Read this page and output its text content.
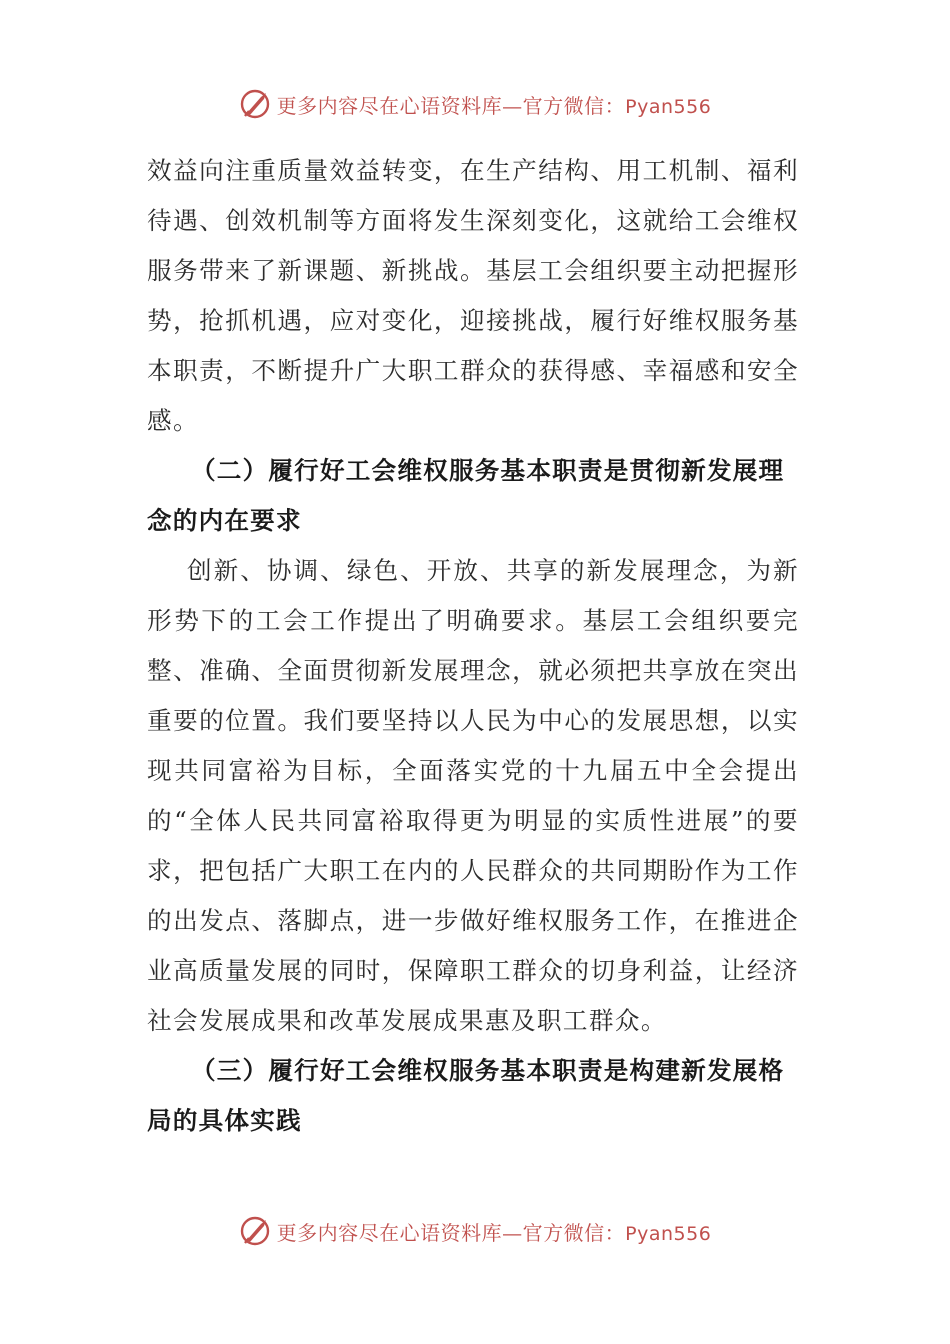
更多内容尽在心语资料库—官方微信：Pyan556

效益向注重质量效益转变，在生产结构、用工机制、福利待遇、创效机制等方面将发生深刻变化，这就给工会维权服务带来了新课题、新挑战。基层工会组织要主动把握形势，抢抓机遇，应对变化，迎接挑战，履行好维权服务基本职责，不断提升广大职工群众的获得感、幸福感和安全感。

（二）履行好工会维权服务基本职责是贯彻新发展理念的内在要求

创新、协调、绿色、开放、共享的新发展理念，为新形势下的工会工作提出了明确要求。基层工会组织要完整、准确、全面贯彻新发展理念，就必须把共享放在突出重要的位置。我们要坚持以人民为中心的发展思想，以实现共同富裕为目标，全面落实党的十九届五中全会提出的“全体人民共同富裕取得更为明显的实质性进展”的要求，把包括广大职工在内的人民群众的共同期盼作为工作的出发点、落脚点，进一步做好维权服务工作，在推进企业高质量发展的同时，保障职工群众的切身利益，让经济社会发展成果和改革发展成果惠及职工群众。

（三）履行好工会维权服务基本职责是构建新发展格局的具体实践

更多内容尽在心语资料库—官方微信：Pyan556
